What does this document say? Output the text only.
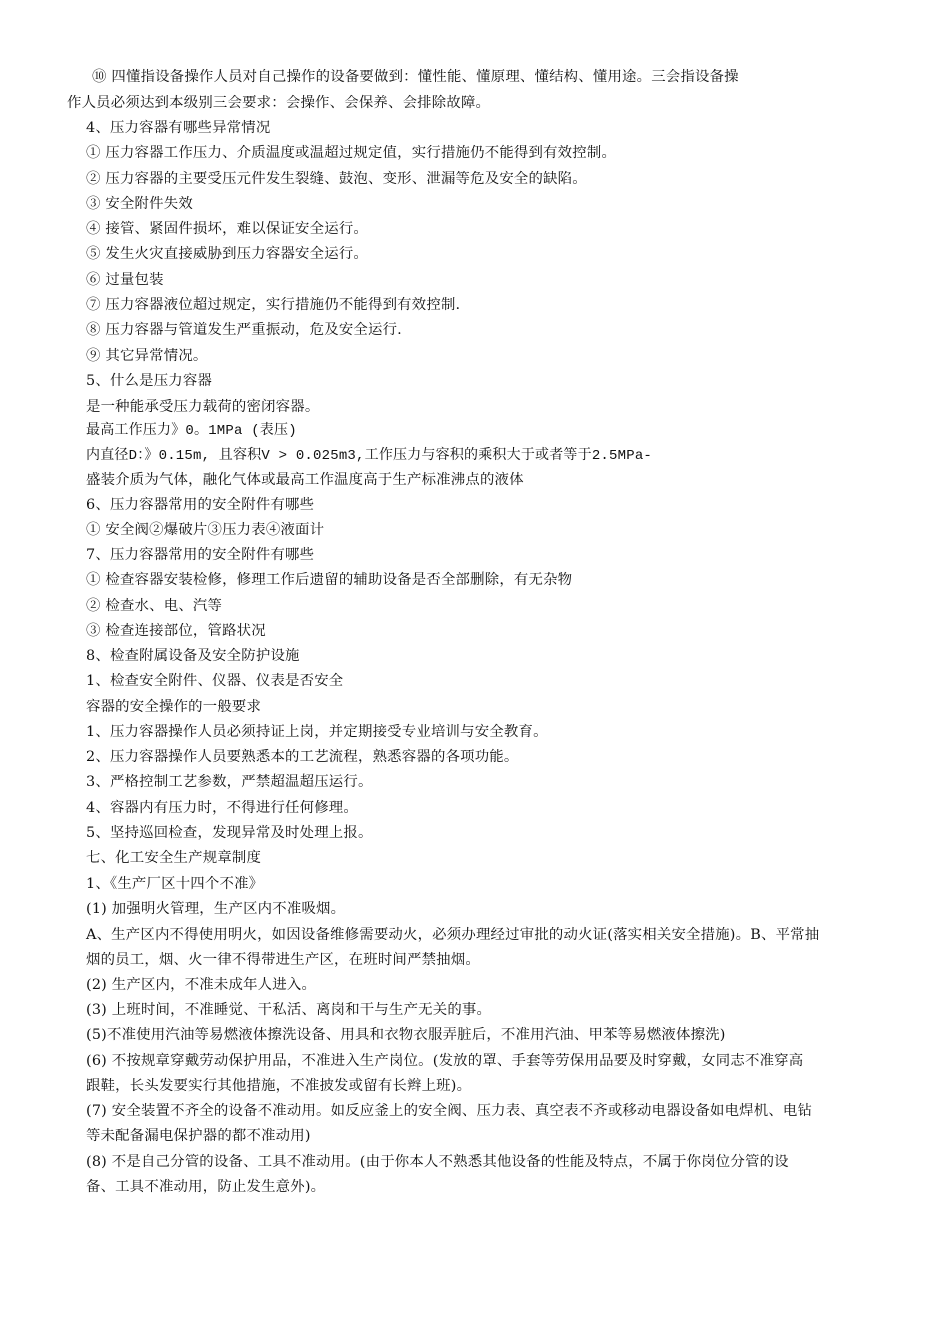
⑩ 四懂指设备操作人员对自己操作的设备要做到：懂性能、懂原理、懂结构、懂用途。三会指设备操
作人员必须达到本级别三会要求：会操作、会保养、会排除故障。
4、压力容器有哪些异常情况
① 压力容器工作压力、介质温度或温超过规定值，实行措施仍不能得到有效控制。
② 压力容器的主要受压元件发生裂缝、鼓泡、变形、泄漏等危及安全的缺陷。
③ 安全附件失效
④ 接管、紧固件损坏，难以保证安全运行。
⑤ 发生火灾直接威胁到压力容器安全运行。
⑥ 过量包装
⑦ 压力容器液位超过规定，实行措施仍不能得到有效控制.
⑧ 压力容器与管道发生严重振动，危及安全运行.
⑨ 其它异常情况。
5、什么是压力容器
是一种能承受压力载荷的密闭容器。
最高工作压力》0。1MPa (表压)
内直径D：》0.15m, 且容积V > 0.025m3,工作压力与容积的乘积大于或者等于2.5MPa-
盛装介质为气体，融化气体或最高工作温度高于生产标准沸点的液体
6、压力容器常用的安全附件有哪些
① 安全阀②爆破片③压力表④液面计
7、压力容器常用的安全附件有哪些
① 检查容器安装检修，修理工作后遗留的辅助设备是否全部删除，有无杂物
② 检查水、电、汽等
③ 检查连接部位，管路状况
8、检查附属设备及安全防护设施
1、检查安全附件、仪器、仪表是否安全
容器的安全操作的一般要求
1、压力容器操作人员必须持证上岗，并定期接受专业培训与安全教育。
2、压力容器操作人员要熟悉本的工艺流程，熟悉容器的各项功能。
3、严格控制工艺参数，严禁超温超压运行。
4、容器内有压力时，不得进行任何修理。
5、坚持巡回检查，发现异常及时处理上报。
七、化工安全生产规章制度
1、《生产厂区十四个不准》
(1) 加强明火管理，生产区内不准吸烟。
A、生产区内不得使用明火，如因设备维修需要动火，必须办理经过审批的动火证(落实相关安全措施)。B、平常抽
烟的员工，烟、火一律不得带进生产区，在班时间严禁抽烟。
(2) 生产区内，不准未成年人进入。
(3) 上班时间，不准睡觉、干私活、离岗和干与生产无关的事。
(5)不准使用汽油等易燃液体擦洗设备、用具和衣物衣服弄脏后，不准用汽油、甲苯等易燃液体擦洗)
(6) 不按规章穿戴劳动保护用品，不准进入生产岗位。(发放的罩、手套等劳保用品要及时穿戴，女同志不准穿高
跟鞋，长头发要实行其他措施，不准披发或留有长辫上班)。
(7) 安全装置不齐全的设备不准动用。如反应釜上的安全阀、压力表、真空表不齐或移动电器设备如电焊机、电钻
等未配备漏电保护器的都不准动用)
(8) 不是自己分管的设备、工具不准动用。(由于你本人不熟悉其他设备的性能及特点，不属于你岗位分管的设
备、工具不准动用，防止发生意外)。
